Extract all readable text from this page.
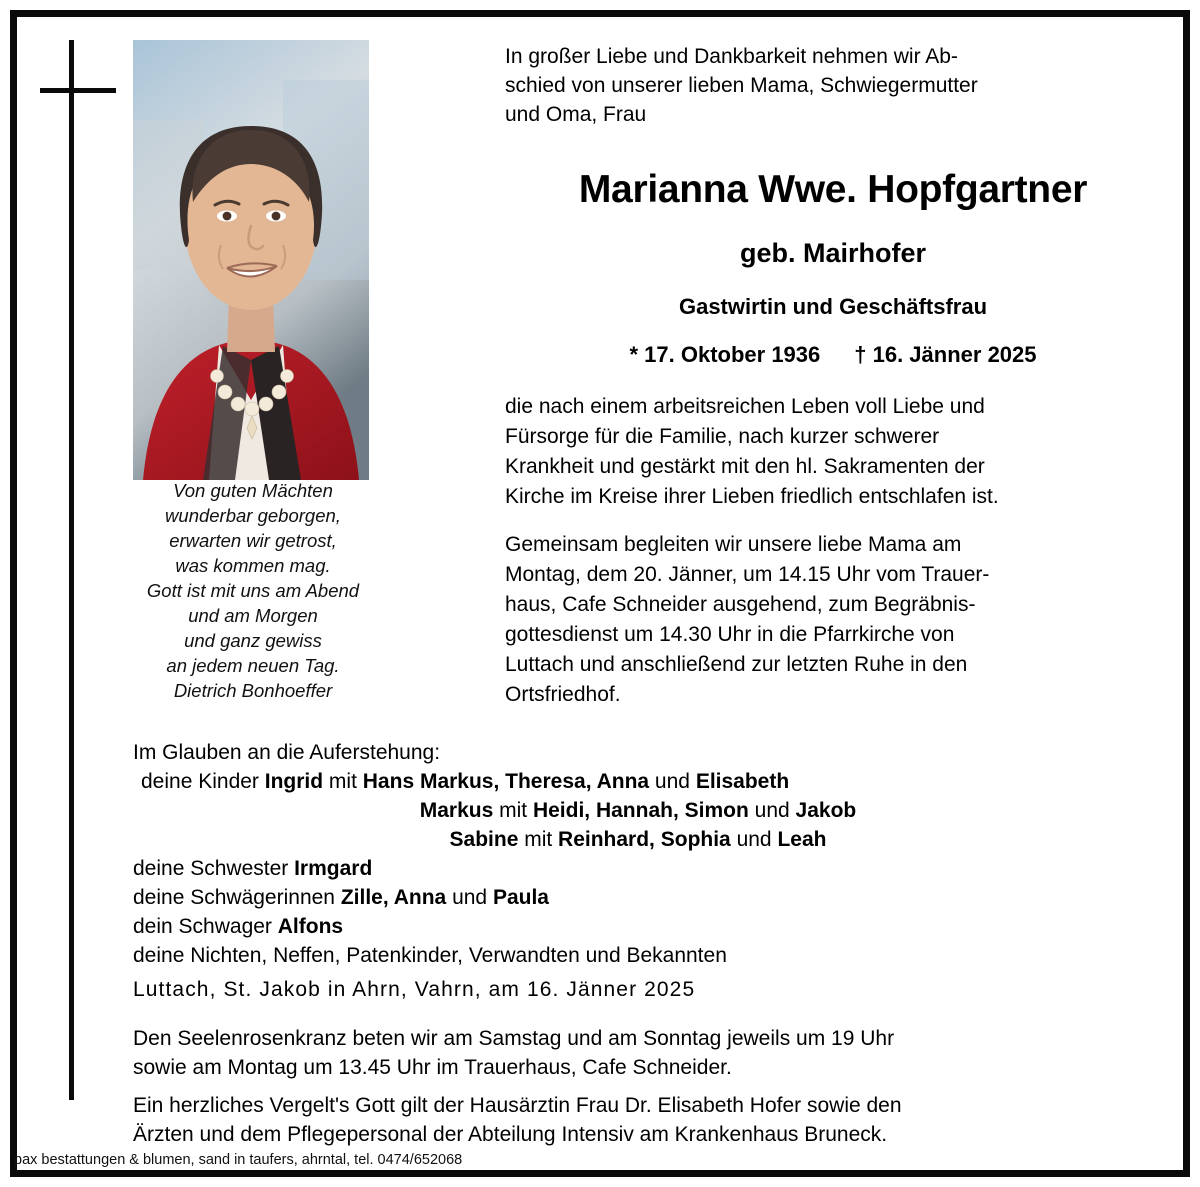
Von guten Mächten
wunderbar geborgen,
erwarten wir getrost,
was kommen mag.
Gott ist mit uns am Abend
und am Morgen
und ganz gewiss
an jedem neuen Tag.
Dietrich Bonhoeffer
In großer Liebe und Dankbarkeit nehmen wir Ab-
schied von unserer lieben Mama, Schwiegermutter
und Oma, Frau
Marianna Wwe. Hopfgartner
geb. Mairhofer
Gastwirtin und Geschäftsfrau
* 17. Oktober 1936 † 16. Jänner 2025
die nach einem arbeitsreichen Leben voll Liebe und
Fürsorge für die Familie, nach kurzer schwerer
Krankheit und gestärkt mit den hl. Sakramenten der
Kirche im Kreise ihrer Lieben friedlich entschlafen ist.
Gemeinsam begleiten wir unsere liebe Mama am
Montag, dem 20. Jänner, um 14.15 Uhr vom Trauer-
haus, Cafe Schneider ausgehend, zum Begräbnis-
gottesdienst um 14.30 Uhr in die Pfarrkirche von
Luttach und anschließend zur letzten Ruhe in den
Ortsfriedhof.
Im Glauben an die Auferstehung:
deine Kinder Ingrid mit Hans Markus, Theresa, Anna und Elisabeth
Markus mit Heidi, Hannah, Simon und Jakob
Sabine mit Reinhard, Sophia und Leah
deine Schwester Irmgard
deine Schwägerinnen Zille, Anna und Paula
dein Schwager Alfons
deine Nichten, Neffen, Patenkinder, Verwandten und Bekannten
Luttach, St. Jakob in Ahrn, Vahrn, am 16. Jänner 2025
Den Seelenrosenkranz beten wir am Samstag und am Sonntag jeweils um 19 Uhr
sowie am Montag um 13.45 Uhr im Trauerhaus, Cafe Schneider.
Ein herzliches Vergelt's Gott gilt der Hausärztin Frau Dr. Elisabeth Hofer sowie den
Ärzten und dem Pflegepersonal der Abteilung Intensiv am Krankenhaus Bruneck.
pax bestattungen & blumen, sand in taufers, ahrntal, tel. 0474/652068
